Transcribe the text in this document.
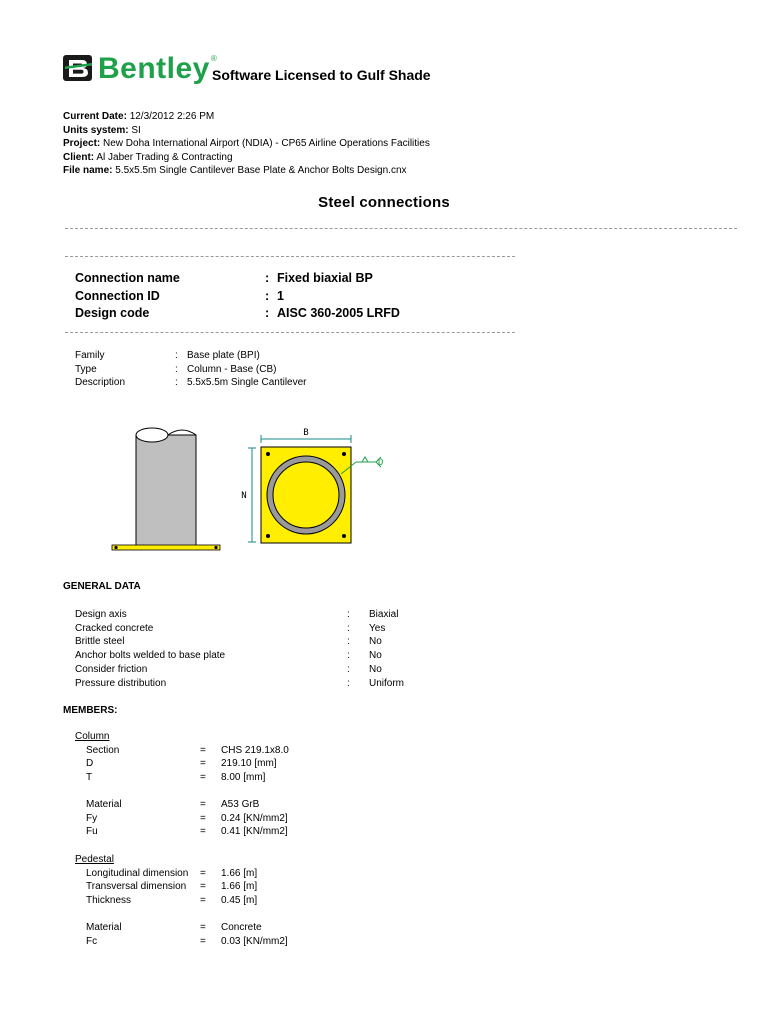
Bentley ®
Software Licensed to Gulf Shade
Current Date: 12/3/2012 2:26 PM
Units system: SI
Project: New Doha International Airport (NDIA) - CP65 Airline Operations Facilities
Client: Al Jaber Trading & Contracting
File name: 5.5x5.5m Single Cantilever Base Plate & Anchor Bolts Design.cnx
Steel connections
Connection name	: Fixed biaxial BP
Connection ID	: 1
Design code	: AISC 360-2005 LRFD
Family	: Base plate (BPI)
Type	: Column - Base (CB)
Description	: 5.5x5.5m Single Cantilever
B
N
D
GENERAL DATA
Design axis	:	Biaxial
Cracked concrete	:	Yes
Brittle steel	:	No
Anchor bolts welded to base plate	:	No
Consider friction	:	No
Pressure distribution	:	Uniform
MEMBERS:
Column
Section	=	CHS 219.1x8.0
D	=	219.10 [mm]
T	=	8.00 [mm]
Material	=	A53 GrB
Fy	=	0.24 [KN/mm2]
Fu	=	0.41 [KN/mm2]
Pedestal
Longitudinal dimension	=	1.66 [m]
Transversal dimension	=	1.66 [m]
Thickness	=	0.45 [m]
Material	=	Concrete
Fc	=	0.03 [KN/mm2]
